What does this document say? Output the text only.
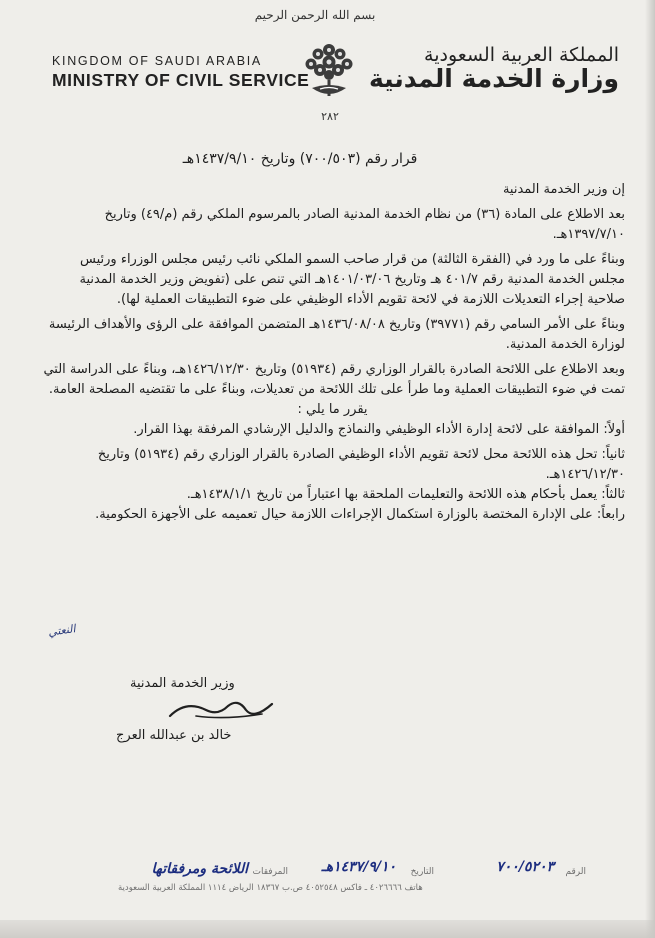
بسم الله الرحمن الرحيم
KINGDOM OF SAUDI ARABIA
MINISTRY OF CIVIL SERVICE
المملكة العربية السعودية
وزارة الخدمة المدنية
٢٨٢
قرار رقم (٧٠٠/٥٠٣) وتاريخ ١٤٣٧/٩/١٠هـ

إن وزير الخدمة المدنية

بعد الاطلاع على المادة (٣٦) من نظام الخدمة المدنية الصادر بالمرسوم الملكي رقم (م/٤٩) وتاريخ ١٣٩٧/٧/١٠هـ.

وبناءً على ما ورد في (الفقرة الثالثة) من قرار صاحب السمو الملكي نائب رئيس مجلس الوزراء ورئيس مجلس الخدمة المدنية رقم ٤٠١/٧ هـ وتاريخ ١٤٠١/٠٣/٠٦هـ التي تنص على (تفويض وزير الخدمة المدنية صلاحية إجراء التعديلات اللازمة في لائحة تقويم الأداء الوظيفي على ضوء التطبيقات العملية لها).

وبناءً على الأمر السامي رقم (٣٩٧٧١) وتاريخ ١٤٣٦/٠٨/٠٨هـ المتضمن الموافقة على الرؤى والأهداف الرئيسة لوزارة الخدمة المدنية.

وبعد الاطلاع على اللائحة الصادرة بالقرار الوزاري رقم (٥١٩٣٤) وتاريخ ١٤٢٦/١٢/٣٠هـ، وبناءً على الدراسة التي تمت في ضوء التطبيقات العملية وما طرأ على تلك اللائحة من تعديلات، وبناءً على ما تقتضيه المصلحة العامة.

يقرر ما يلي :

أولاً: الموافقة على لائحة إدارة الأداء الوظيفي والنماذج والدليل الإرشادي المرفقة بهذا القرار.

ثانياً: تحل هذه اللائحة محل لائحة تقويم الأداء الوظيفي الصادرة بالقرار الوزاري رقم (٥١٩٣٤) وتاريخ ١٤٢٦/١٢/٣٠هـ.

ثالثاً: يعمل بأحكام هذه اللائحة والتعليمات الملحقة بها اعتباراً من تاريخ ١٤٣٨/١/١هـ.

رابعاً: على الإدارة المختصة بالوزارة استكمال الإجراءات اللازمة حيال تعميمه على الأجهزة الحكومية.

النعتي
وزير الخدمة المدنية
خالد بن عبدالله العرج
الرقم
٧٠٠/٥٢٠٣
التاريخ
١٤٣٧/٩/١٠هـ
المرفقات
اللائحة ومرفقاتها
هاتف ٤٠٢٦٦٦٦ ـ فاكس ٤٠٥٢٥٤٨ ص.ب ١٨٣٦٧ الرياض ١١١٤ المملكة العربية السعودية
